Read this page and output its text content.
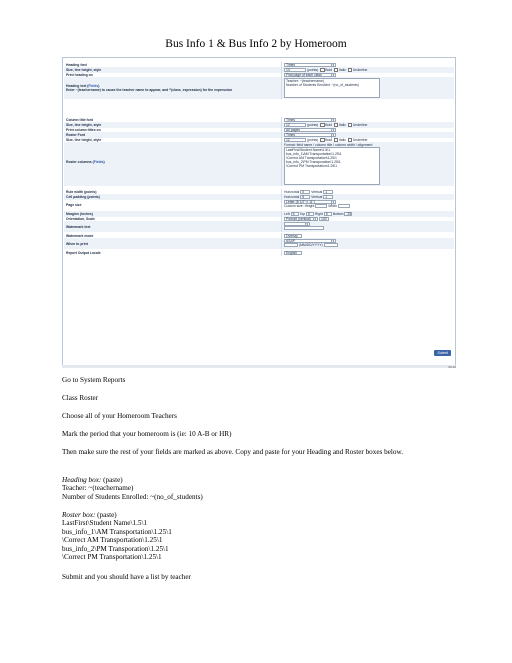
Bus Info 1 & Bus Info 2 by Homeroom
Heading font	Times ▾
Size, line height, style	14	(points) Bold Italic Underline
Print heading on	First page of each class ▾
Heading text (Fields)
Enter ~(teachername) to cause the teacher name to appear, and ^(class_expression) for the expression
Teacher: ~(teachername)
Number of Students Enrolled: ~(no_of_students)
Column title font	Times ▾
Size, line height, style	12	(points) Bold Italic Underline
Print column titles on	All pages ▾
Roster Font	Times ▾
Size, line height, style	12	(points) Bold Italic Underline
Roster columns (Fields)
Format: field name / column title / column width / alignment
LastFirst\Student Name\1.5\1
bus_info_1\AM Transportation\1.25\1
\Correct AM Transportation\1.25\1
bus_info_2\PM Transporation\1.25\1
\Correct PM Transportation\1.25\1
Rule width (points)	Horizontal 0 Vertical 1
Cell padding (points)	Horizontal 6 Vertical 1
Page size
Letter (8 1/2" x 11") ▾
Custom size: Height	Width
Margins (inches)	Left 5 Top 5 Right 5 Bottom .25
Orientation, Scale	Portrait (vertical) ▾	100
Watermark text
▾

Watermark mode	Overlay ▾
When to print
ASAP ▾
(MM/DD/YYYY)
Report Output Locale	English ▾
Submit
00-10
Go to System Reports
Class Roster
Choose all of your Homeroom Teachers
Mark the period that your homeroom is (ie: 10 A-B or HR)
Then make sure the rest of your fields are marked as above. Copy and paste for your Heading and Roster boxes below.
Heading box: (paste)
Teacher: ~(teachername)
Number of Students Enrolled: ~(no_of_students)
Roster box: (paste)
LastFirst\Student Name\1.5\1
bus_info_1\AM Transportation\1.25\1
\Correct AM Transportation\1.25\1
bus_info_2\PM Transporation\1.25\1
\Correct PM Transportation\1.25\1
Submit and you should have a list by teacher
